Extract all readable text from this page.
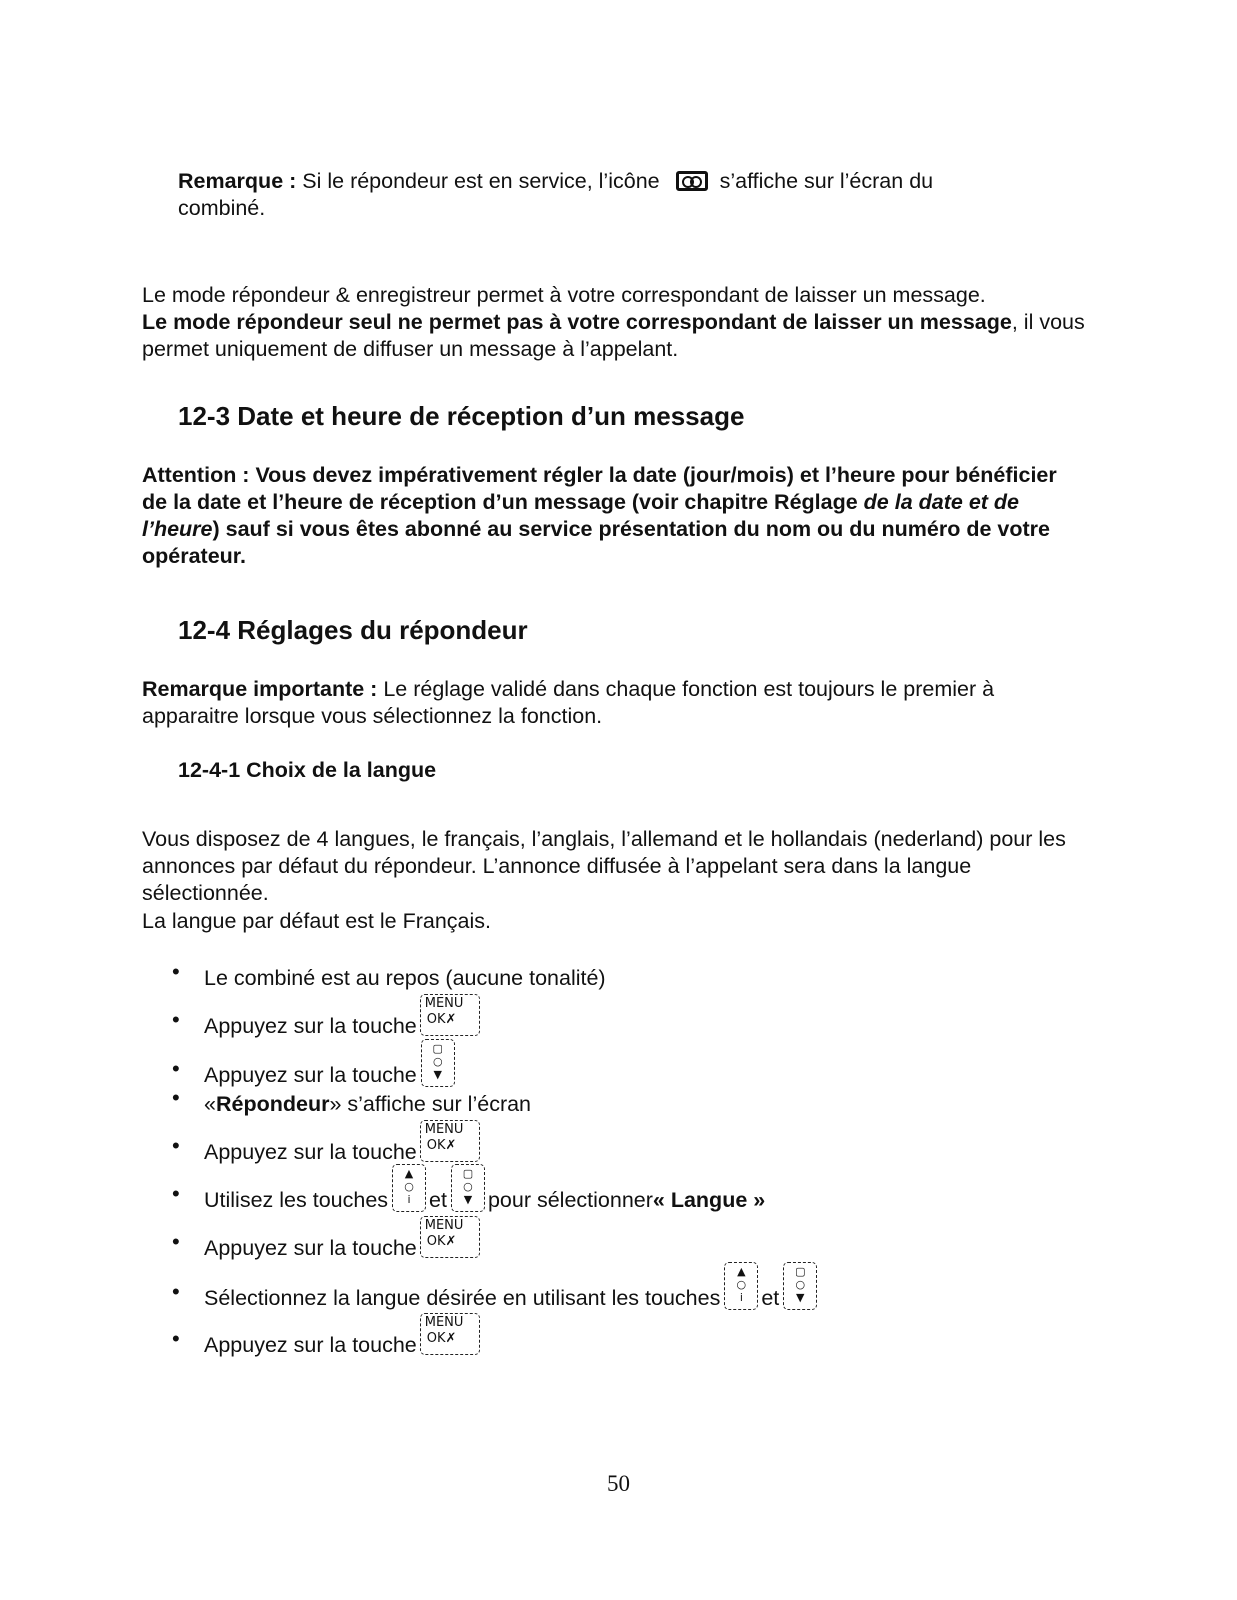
Remarque : Si le répondeur est en service, l’icône	s’affiche sur l’écran du
combiné.
Le mode répondeur & enregistreur permet à votre correspondant de laisser un message.
Le mode répondeur seul ne permet pas à votre correspondant de laisser un message, il vous permet uniquement de diffuser un message à l’appelant.
12-3 Date et heure de réception d’un message
Attention : Vous devez impérativement régler la date (jour/mois) et l’heure pour bénéficier de la date et l’heure de réception d’un message (voir chapitre Réglage de la date et de l’heure) sauf si vous êtes abonné au service présentation du nom ou du numéro de votre opérateur.
12-4 Réglages du répondeur
Remarque importante : Le réglage validé dans chaque fonction est toujours le premier à apparaitre lorsque vous sélectionnez la fonction.
12-4-1 Choix de la langue
Vous disposez de 4 langues, le français, l’anglais, l’allemand et le hollandais (nederland) pour les annonces par défaut du répondeur. L’annonce diffusée à l’appelant sera dans la langue sélectionnée.
La langue par défaut est le Français.
• Le combiné est au repos (aucune tonalité)
• Appuyez sur la touche
MENU
OK✗
• Appuyez sur la touche
▢
○
▼
• « Répondeur » s’affiche sur l’écran
• Appuyez sur la touche
MENU
OK✗
• Utilisez les touches
▲
○
i et
▢
○
▼ pour sélectionner « Langue »
• Appuyez sur la touche
MENU
OK✗
• Sélectionnez la langue désirée en utilisant les touches
▲
○
i et
▢
○
▼
• Appuyez sur la touche
MENU
OK✗
50
